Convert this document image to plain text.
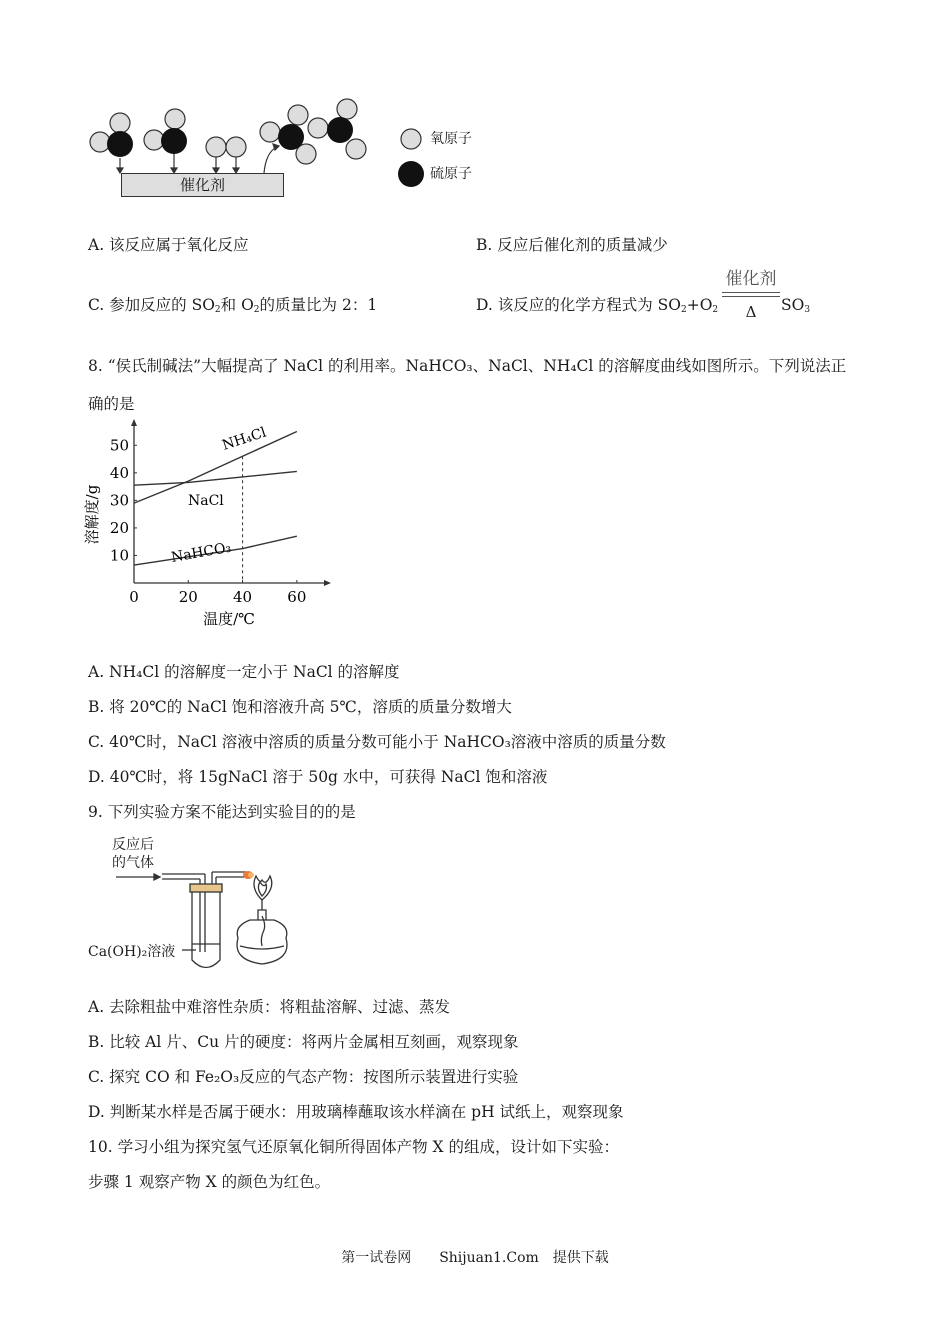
催化剂
氧原子
硫原子
A. 该反应属于氧化反应	B. 反应后催化剂的质量减少
C. 参加反应的 $SO_2$和 $O_2$的质量比为 2：1	D. 该反应的化学方程式为 $SO_2+O_2$
催化剂
Δ	$SO_3$
8. “侯氏制碱法”大幅提高了 NaCl 的利用率。NaHCO₃、NaCl、NH₄Cl 的溶解度曲线如图所示。下列说法正
确的是
0	20 40 60
10
20
30
40
50	NH₄Cl
NaCl
NaHCO₃
温度/℃
溶解度/g
A. NH₄Cl 的溶解度一定小于 NaCl 的溶解度
B. 将 20℃的 NaCl 饱和溶液升高 5℃，溶质的质量分数增大
C. 40℃时，NaCl 溶液中溶质的质量分数可能小于 NaHCO₃溶液中溶质的质量分数
D. 40℃时，将 15gNaCl 溶于 50g 水中，可获得 NaCl 饱和溶液
9. 下列实验方案不能达到实验目的的是
反应后
的气体
Ca(OH)₂溶液
A. 去除粗盐中难溶性杂质：将粗盐溶解、过滤、蒸发
B. 比较 Al 片、Cu 片的硬度：将两片金属相互刻画，观察现象
C. 探究 CO 和 Fe₂O₃反应的气态产物：按图所示装置进行实验
D. 判断某水样是否属于硬水：用玻璃棒蘸取该水样滴在 pH 试纸上，观察现象
10. 学习小组为探究氢气还原氧化铜所得固体产物 X 的组成，设计如下实验：
步骤 1 观察产物 X 的颜色为红色。
第一试卷网　　Shijuan1.Com　提供下载
